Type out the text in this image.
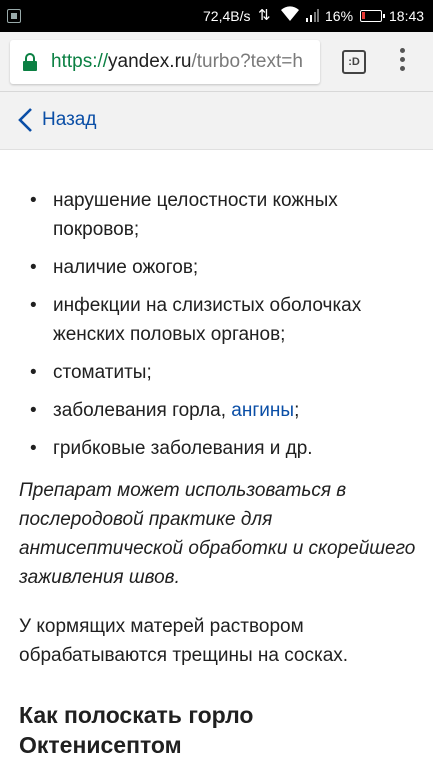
72,4B/s ⇅	16%	18:43
https://yandex.ru/turbo?text=h	:D
Назад
• нарушение целостности кожных покровов;
• наличие ожогов;
• инфекции на слизистых оболочках женских половых органов;
• стоматиты;
• заболевания горла, ангины;
• грибковые заболевания и др.

Препарат может использоваться в послеродовой практике для антисептической обработки и скорейшего заживления швов.

У кормящих матерей раствором обрабатываются трещины на сосках.

Как полоскать горло Октенисептом
